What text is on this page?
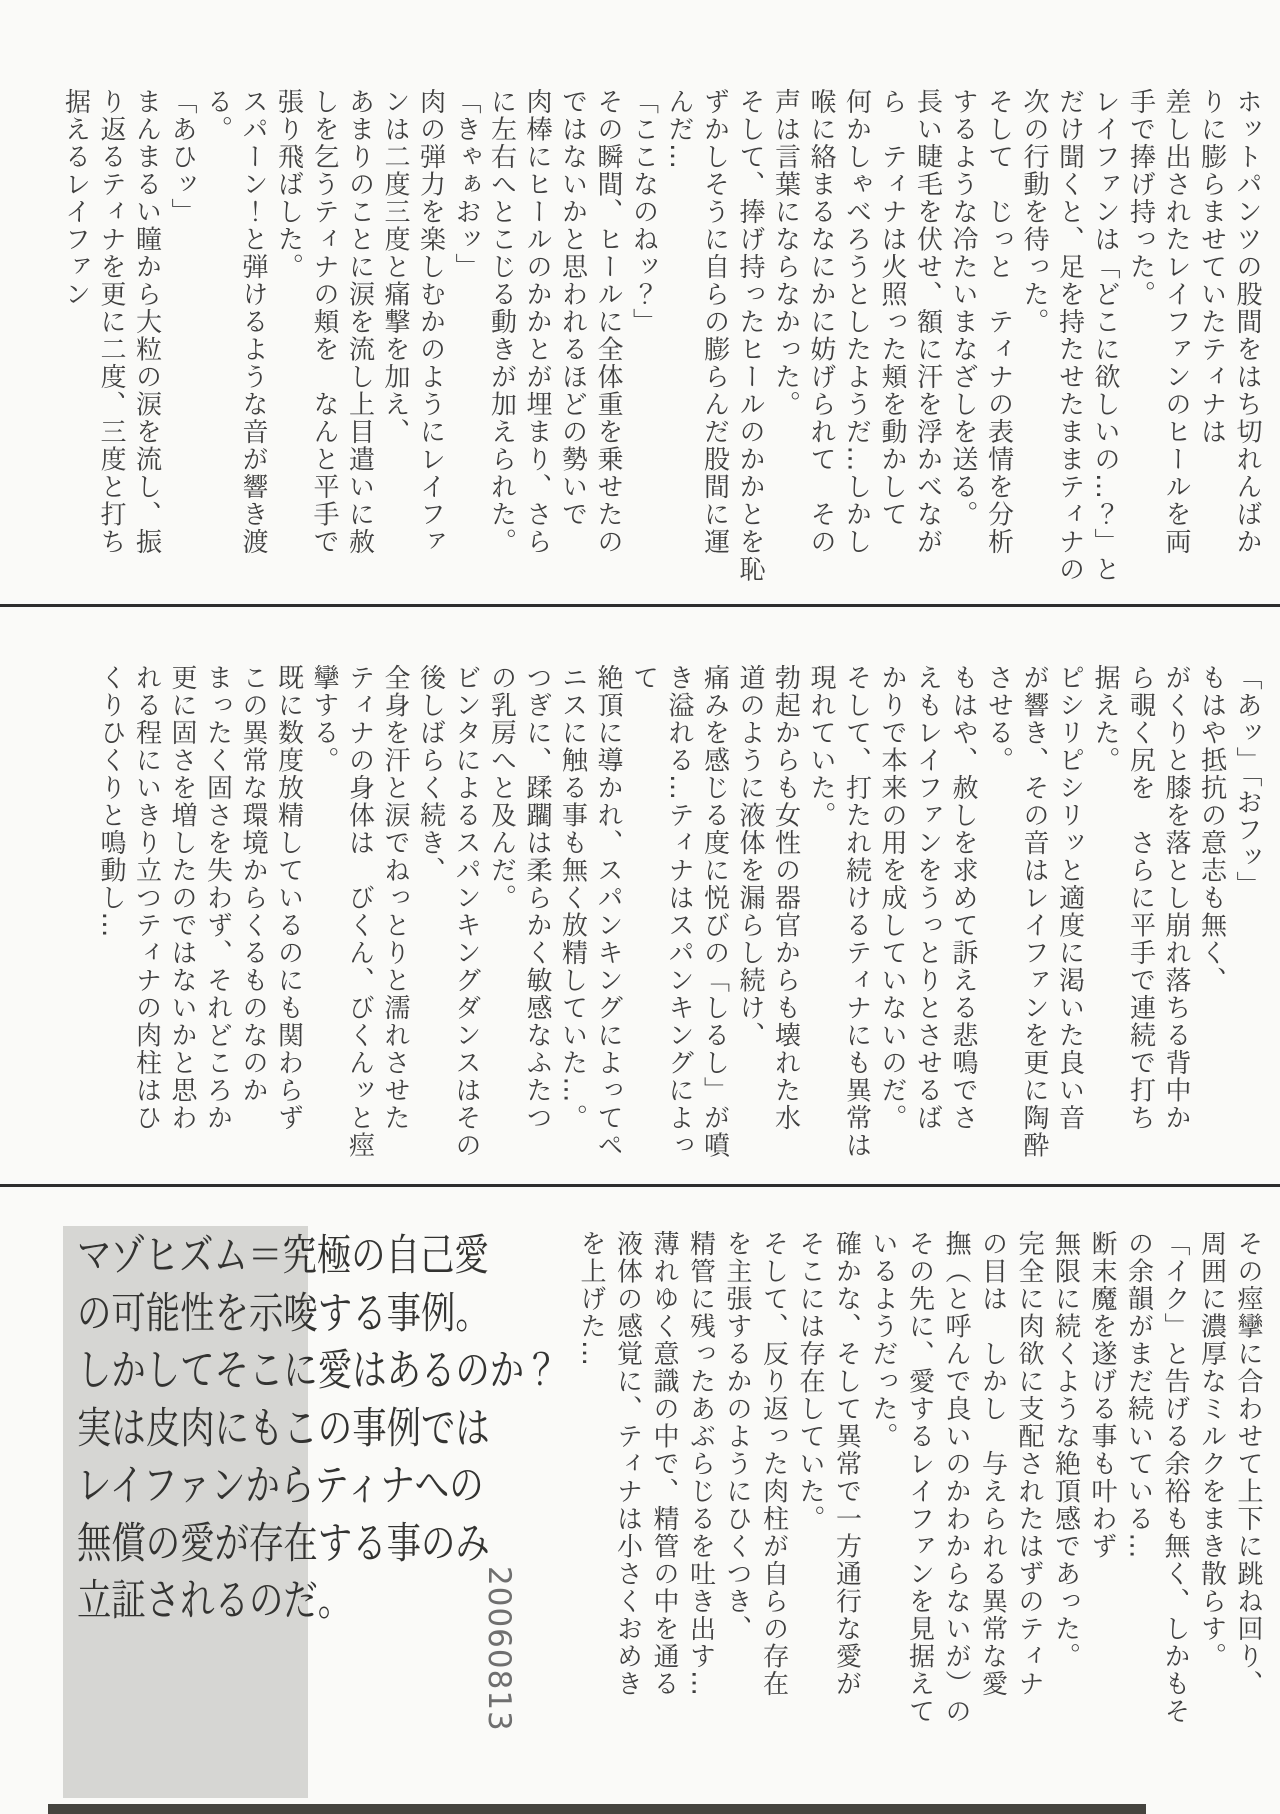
ホットパンツの股間をはち切れんばか

りに膨らませていたティナは

差し出されたレイファンのヒールを両

手で捧げ持った。

レイファンは「どこに欲しいの…？」と

だけ聞くと、足を持たせたままティナの

次の行動を待った。

そして　じっと　ティナの表情を分析

するような冷たいまなざしを送る。

長い睫毛を伏せ、額に汗を浮かべなが

ら　ティナは火照った頬を動かして

何かしゃべろうとしたようだ…しかし

喉に絡まるなにかに妨げられて　その

声は言葉にならなかった。

そして、捧げ持ったヒールのかかとを恥

ずかしそうに自らの膨らんだ股間に運

んだ…

「ここなのねッ？」

その瞬間、ヒールに全体重を乗せたの

ではないかと思われるほどの勢いで

肉棒にヒールのかかとが埋まり、さら

に左右へとこじる動きが加えられた。

「きゃぁおッ」

肉の弾力を楽しむかのようにレイファ

ンは二度三度と痛撃を加え、

あまりのことに涙を流し上目遣いに赦

しを乞うティナの頬を　なんと平手で

張り飛ばした。

スパーン！と弾けるような音が響き渡

る。

「あひッ」

まんまるい瞳から大粒の涙を流し、振

り返るティナを更に二度、三度と打ち

据えるレイファン

「あッ」「おフッ」

もはや抵抗の意志も無く、

がくりと膝を落とし崩れ落ちる背中か

ら覗く尻を　さらに平手で連続で打ち

据えた。

ピシリピシリッと適度に渇いた良い音

が響き、その音はレイファンを更に陶酔

させる。

もはや、赦しを求めて訴える悲鳴でさ

えもレイファンをうっとりとさせるば

かりで本来の用を成していないのだ。

そして、打たれ続けるティナにも異常は

現れていた。

勃起からも女性の器官からも壊れた水

道のように液体を漏らし続け、

痛みを感じる度に悦びの「しるし」が噴

き溢れる…ティナはスパンキングによっ

て

絶頂に導かれ、スパンキングによってペ

ニスに触る事も無く放精していた…。

つぎに、蹂躙は柔らかく敏感なふたつ

の乳房へと及んだ。

ビンタによるスパンキングダンスはその

後しばらく続き、

全身を汗と涙でねっとりと濡れさせた

ティナの身体は　びくん、びくんッと痙

攣する。

既に数度放精しているのにも関わらず

この異常な環境からくるものなのか

まったく固さを失わず、それどころか

更に固さを増したのではないかと思わ

れる程にいきり立つティナの肉柱はひ

くりひくりと鳴動し…

その痙攣に合わせて上下に跳ね回り、

周囲に濃厚なミルクをまき散らす。

「イク」と告げる余裕も無く、しかもそ

の余韻がまだ続いている…

断末魔を遂げる事も叶わず

無限に続くような絶頂感であった。

完全に肉欲に支配されたはずのティナ

の目は　しかし　与えられる異常な愛

撫（と呼んで良いのかわからないが）の

その先に、愛するレイファンを見据えて

いるようだった。

確かな、そして異常で一方通行な愛が

そこには存在していた。

そして、反り返った肉柱が自らの存在

を主張するかのようにひくつき、

精管に残ったあぶらじるを吐き出す…

薄れゆく意識の中で、精管の中を通る

液体の感覚に、ティナは小さくおめき

を上げた…

マゾヒズム＝究極の自己愛

の可能性を示唆する事例。

しかしてそこに愛はあるのか？

実は皮肉にもこの事例では

レイファンからティナへの

無償の愛が存在する事のみ

立証されるのだ。	20060813
